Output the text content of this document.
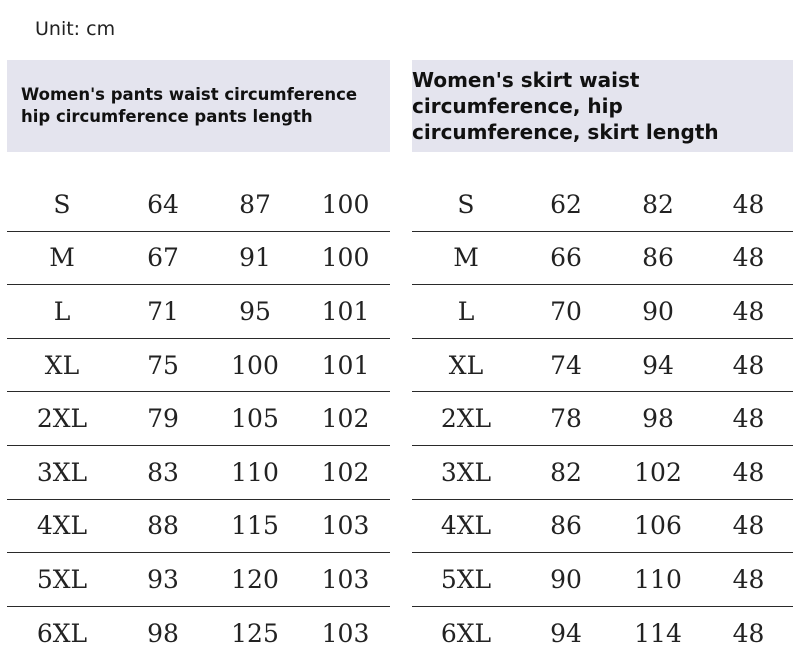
Unit: cm
Women's pants waist circumference hip circumference pants length
Women's skirt waist circumference, hip circumference, skirt length
S	64	87	100
M	67	91	100
L	71	95	101
XL	75	100	101
2XL	79	105	102
3XL	83	110	102
4XL	88	115	103
5XL	93	120	103
6XL	98	125	103
S	62	82	48
M	66	86	48
L	70	90	48
XL	74	94	48
2XL	78	98	48
3XL	82	102	48
4XL	86	106	48
5XL	90	110	48
6XL	94	114	48
